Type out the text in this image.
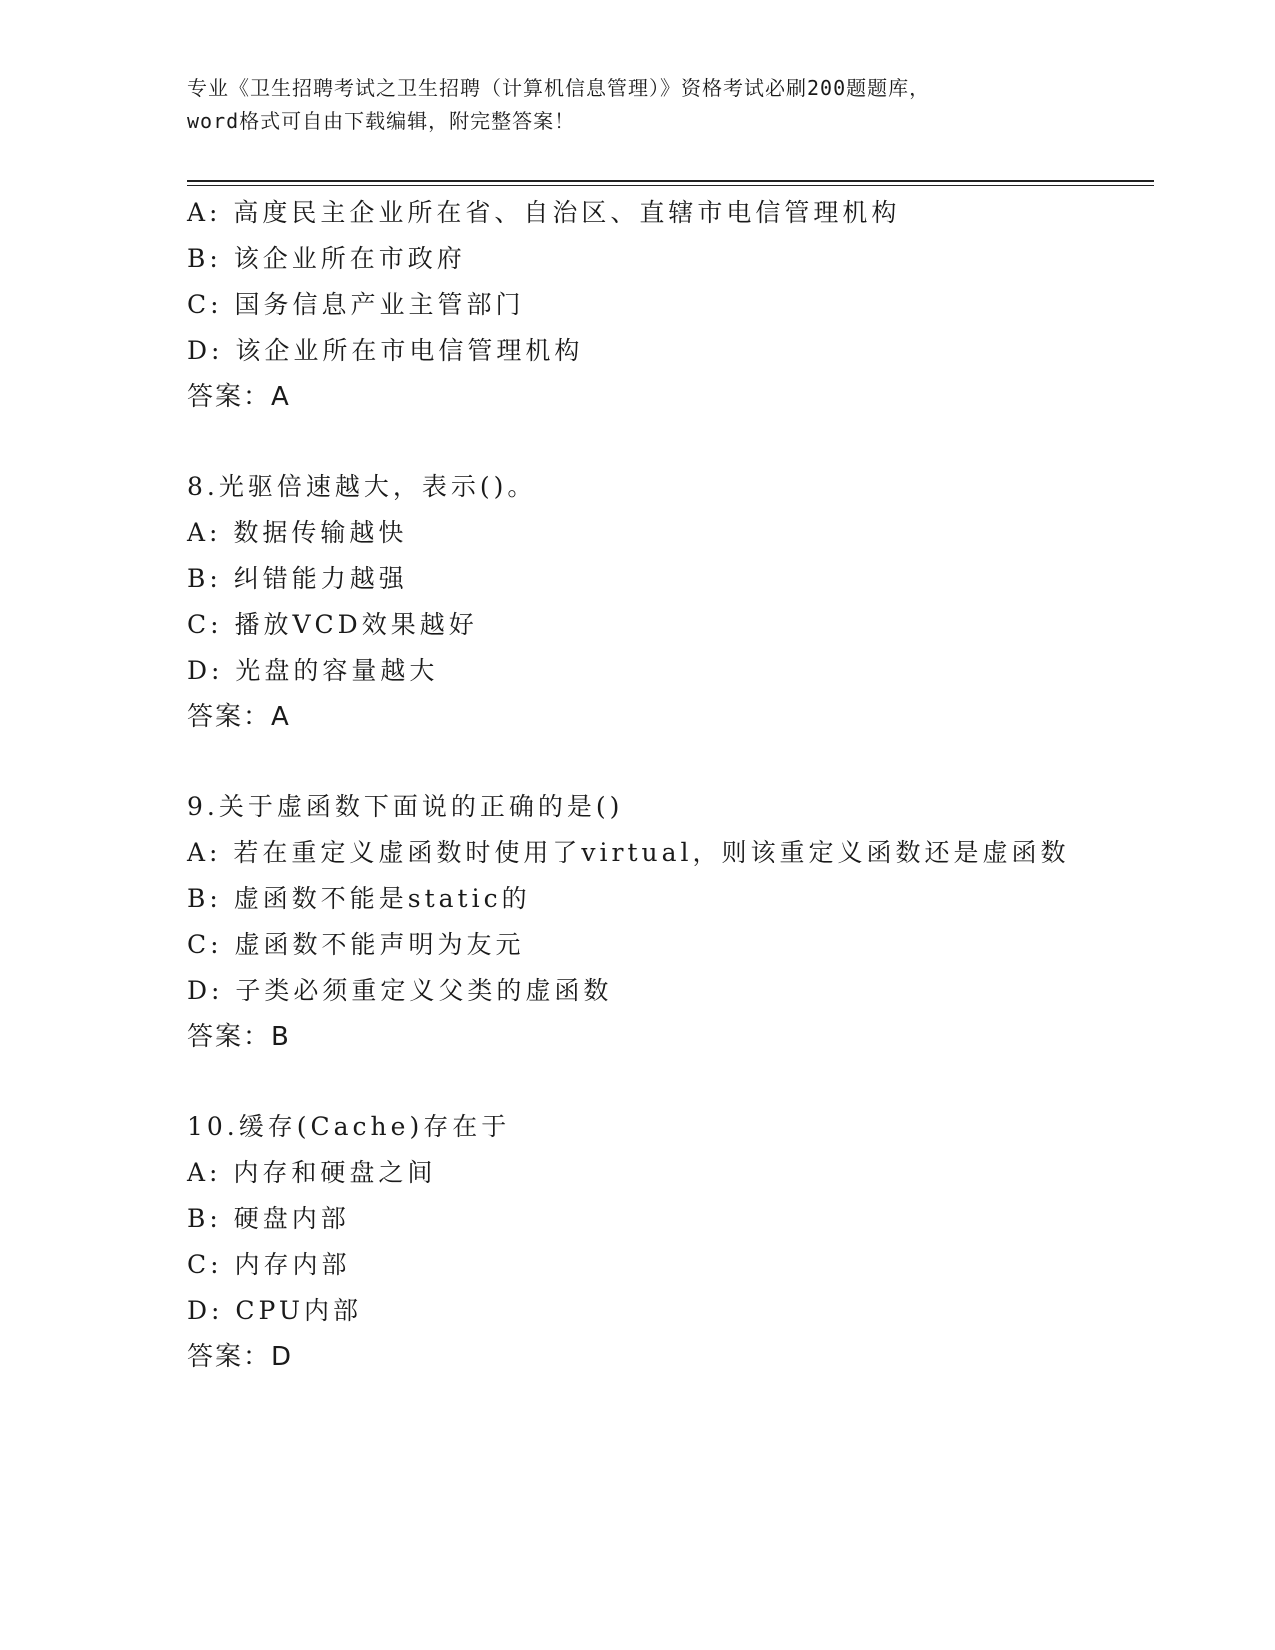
专业《卫生招聘考试之卫生招聘（计算机信息管理）》资格考试必刷200题题库，
word格式可自由下载编辑，附完整答案！
A: 高度民主企业所在省、自治区、直辖市电信管理机构
B: 该企业所在市政府
C: 国务信息产业主管部门
D: 该企业所在市电信管理机构
答案：A
8.光驱倍速越大，表示()。
A: 数据传输越快
B: 纠错能力越强
C: 播放VCD效果越好
D: 光盘的容量越大
答案：A
9.关于虚函数下面说的正确的是()
A: 若在重定义虚函数时使用了virtual，则该重定义函数还是虚函数
B: 虚函数不能是static的
C: 虚函数不能声明为友元
D: 子类必须重定义父类的虚函数
答案：B
10.缓存(Cache)存在于
A: 内存和硬盘之间
B: 硬盘内部
C: 内存内部
D: CPU内部
答案：D
